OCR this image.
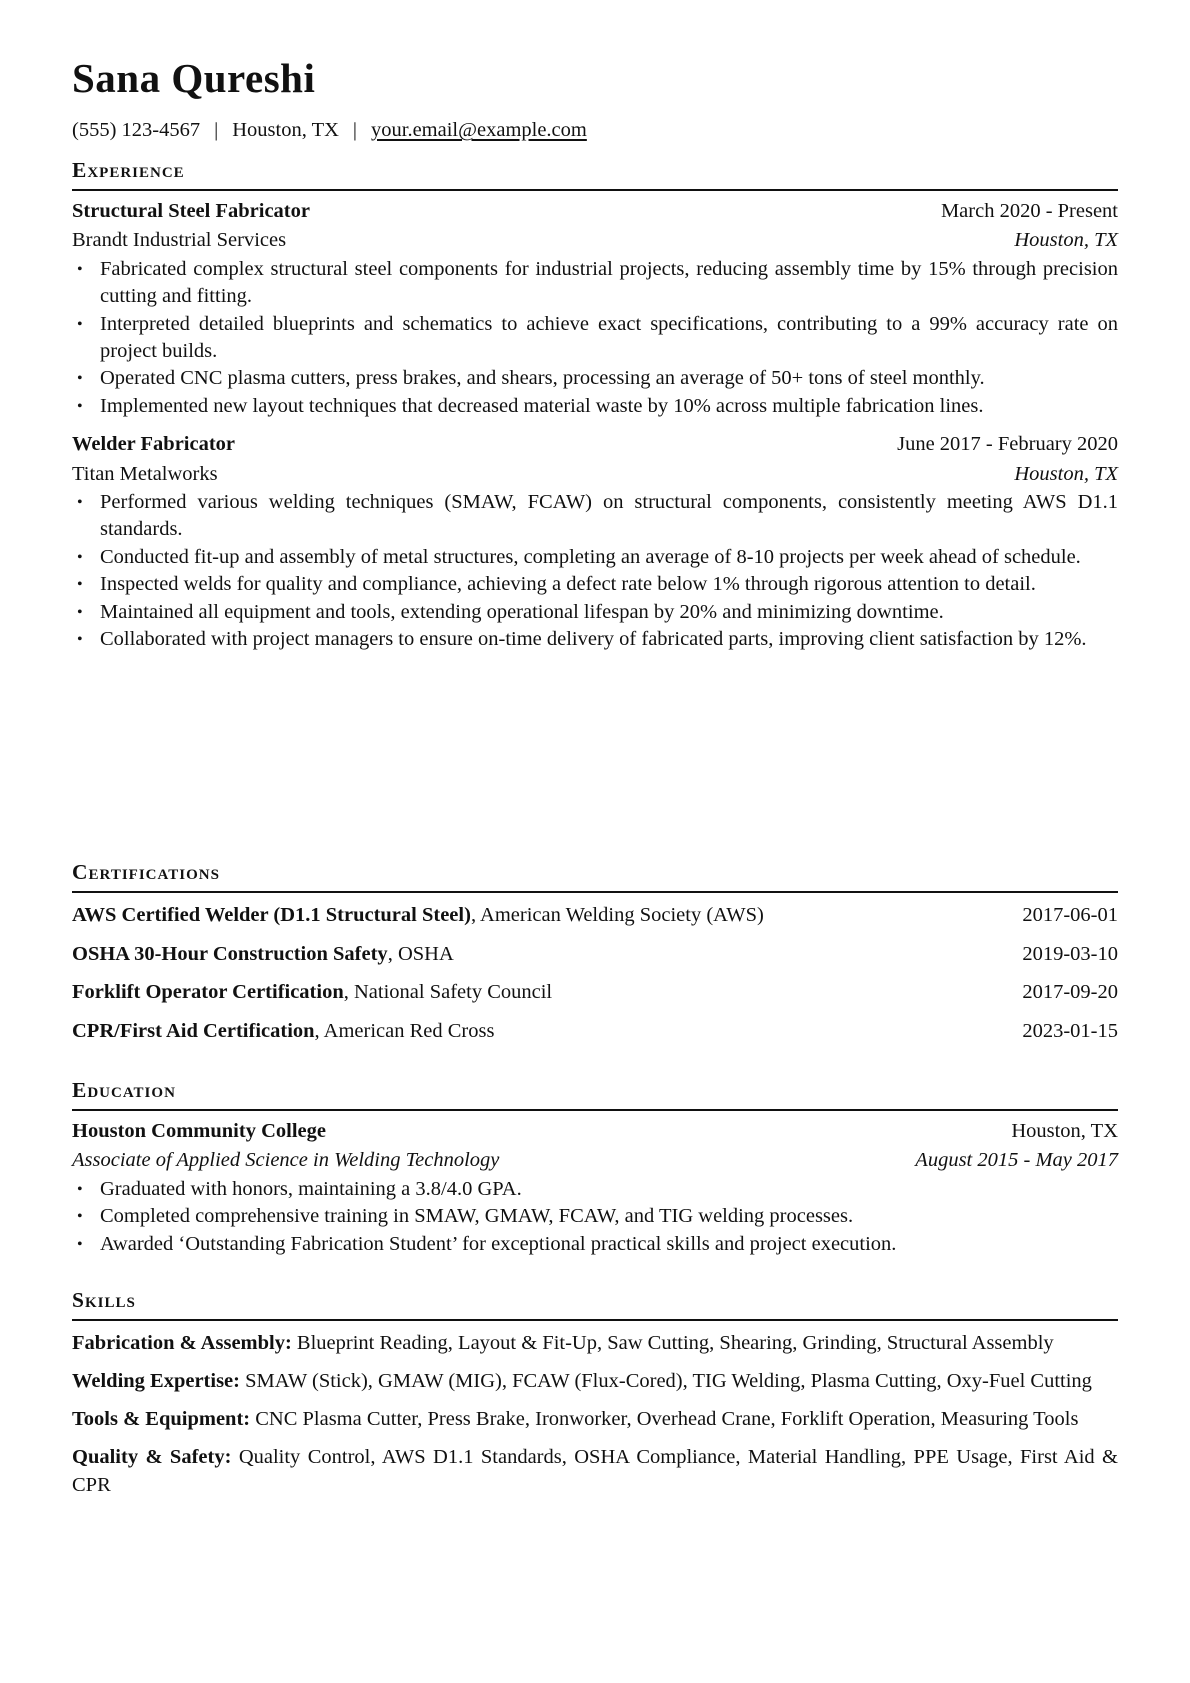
Sana Qureshi
(555) 123-4567 | Houston, TX | your.email@example.com
Experience
Structural Steel Fabricator	March 2020 - Present
Brandt Industrial Services	Houston, TX
• Fabricated complex structural steel components for industrial projects, reducing assembly time by 15% through precision cutting and fitting.
• Interpreted detailed blueprints and schematics to achieve exact specifications, contributing to a 99% accuracy rate on project builds.
• Operated CNC plasma cutters, press brakes, and shears, processing an average of 50+ tons of steel monthly.
• Implemented new layout techniques that decreased material waste by 10% across multiple fabrication lines.
Welder Fabricator	June 2017 - February 2020
Titan Metalworks	Houston, TX
• Performed various welding techniques (SMAW, FCAW) on structural components, consistently meeting AWS D1.1 standards.
• Conducted fit-up and assembly of metal structures, completing an average of 8-10 projects per week ahead of schedule.
• Inspected welds for quality and compliance, achieving a defect rate below 1% through rigorous attention to detail.
• Maintained all equipment and tools, extending operational lifespan by 20% and minimizing downtime.
• Collaborated with project managers to ensure on-time delivery of fabricated parts, improving client satisfaction by 12%.
Certifications
AWS Certified Welder (D1.1 Structural Steel), American Welding Society (AWS)	2017-06-01
OSHA 30-Hour Construction Safety, OSHA	2019-03-10
Forklift Operator Certification, National Safety Council	2017-09-20
CPR/First Aid Certification, American Red Cross	2023-01-15
Education
Houston Community College	Houston, TX
Associate of Applied Science in Welding Technology	August 2015 - May 2017
• Graduated with honors, maintaining a 3.8/4.0 GPA.
• Completed comprehensive training in SMAW, GMAW, FCAW, and TIG welding processes.
• Awarded ‘Outstanding Fabrication Student’ for exceptional practical skills and project execution.
Skills
Fabrication & Assembly: Blueprint Reading, Layout & Fit-Up, Saw Cutting, Shearing, Grinding, Structural Assembly
Welding Expertise: SMAW (Stick), GMAW (MIG), FCAW (Flux-Cored), TIG Welding, Plasma Cutting, Oxy-Fuel Cutting
Tools & Equipment: CNC Plasma Cutter, Press Brake, Ironworker, Overhead Crane, Forklift Operation, Measuring Tools
Quality & Safety: Quality Control, AWS D1.1 Standards, OSHA Compliance, Material Handling, PPE Usage, First Aid & CPR
